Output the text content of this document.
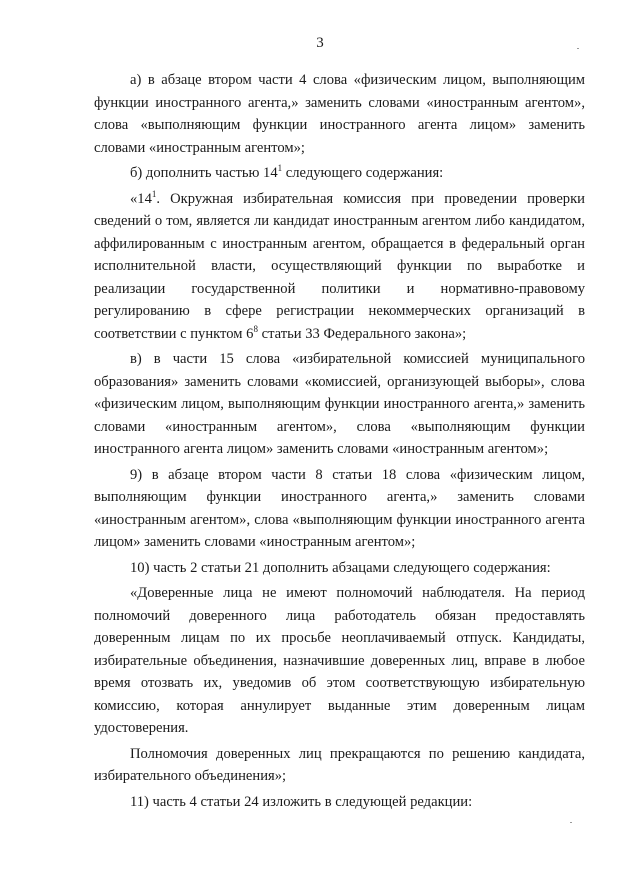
3

а) в абзаце втором части 4 слова «физическим лицом, выполняющим функции иностранного агента,» заменить словами «иностранным агентом», слова «выполняющим функции иностранного агента лицом» заменить словами «иностранным агентом»;

б) дополнить частью $14^1$ следующего содержания:

«$14^1$. Окружная избирательная комиссия при проведении проверки сведений о том, является ли кандидат иностранным агентом либо кандидатом, аффилированным с иностранным агентом, обращается в федеральный орган исполнительной власти, осуществляющий функции по выработке и реализации государственной политики и нормативно-правовому регулированию в сфере регистрации некоммерческих организаций в соответствии с пунктом $6^8$ статьи 33 Федерального закона»;

в) в части 15 слова «избирательной комиссией муниципального образования» заменить словами «комиссией, организующей выборы», слова «физическим лицом, выполняющим функции иностранного агента,» заменить словами «иностранным агентом», слова «выполняющим функции иностранного агента лицом» заменить словами «иностранным агентом»;

9) в абзаце втором части 8 статьи 18 слова «физическим лицом, выполняющим функции иностранного агента,» заменить словами «иностранным агентом», слова «выполняющим функции иностранного агента лицом» заменить словами «иностранным агентом»;

10) часть 2 статьи 21 дополнить абзацами следующего содержания:

«Доверенные лица не имеют полномочий наблюдателя. На период полномочий доверенного лица работодатель обязан предоставлять доверенным лицам по их просьбе неоплачиваемый отпуск. Кандидаты, избирательные объединения, назначившие доверенных лиц, вправе в любое время отозвать их, уведомив об этом соответствующую избирательную комиссию, которая аннулирует выданные этим доверенным лицам удостоверения.

Полномочия доверенных лиц прекращаются по решению кандидата, избирательного объединения»;

11) часть 4 статьи 24 изложить в следующей редакции:
